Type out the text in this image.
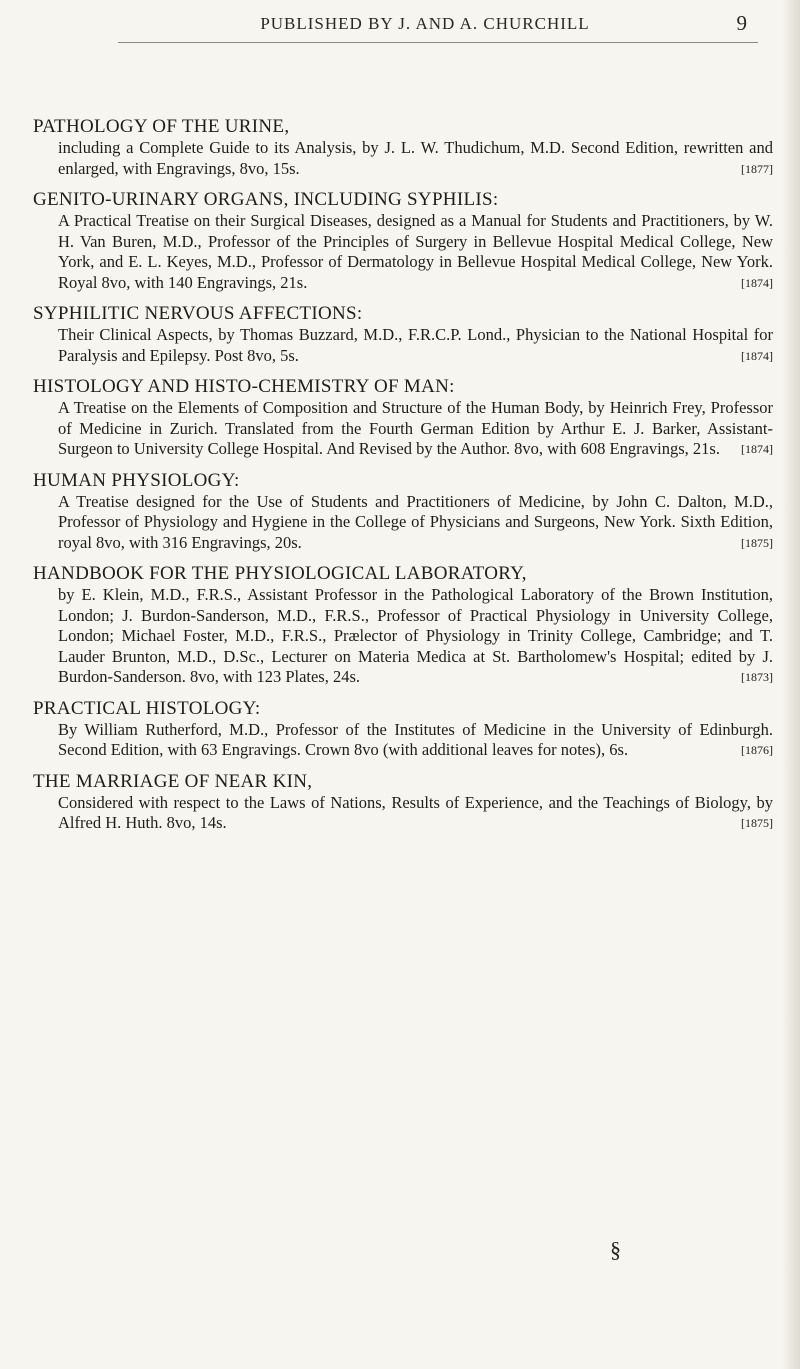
PUBLISHED BY J. AND A. CHURCHILL	9
PATHOLOGY OF THE URINE,
including a Complete Guide to its Analysis, by J. L. W. Thudichum, M.D. Second Edition, rewritten and enlarged, with Engravings, 8vo, 15s.	[1877]
GENITO-URINARY ORGANS, INCLUDING SYPHILIS:
A Practical Treatise on their Surgical Diseases, designed as a Manual for Students and Practitioners, by W. H. Van Buren, M.D., Professor of the Principles of Surgery in Bellevue Hospital Medical College, New York, and E. L. Keyes, M.D., Professor of Dermatology in Bellevue Hospital Medical College, New York. Royal 8vo, with 140 Engravings, 21s.	[1874]
SYPHILITIC NERVOUS AFFECTIONS:
Their Clinical Aspects, by Thomas Buzzard, M.D., F.R.C.P. Lond., Physician to the National Hospital for Paralysis and Epilepsy. Post 8vo, 5s.	[1874]
HISTOLOGY AND HISTO-CHEMISTRY OF MAN:
A Treatise on the Elements of Composition and Structure of the Human Body, by Heinrich Frey, Professor of Medicine in Zurich. Translated from the Fourth German Edition by Arthur E. J. Barker, Assistant-Surgeon to University College Hospital. And Revised by the Author. 8vo, with 608 Engravings, 21s. [1874]
HUMAN PHYSIOLOGY:
A Treatise designed for the Use of Students and Practitioners of Medicine, by John C. Dalton, M.D., Professor of Physiology and Hygiene in the College of Physicians and Surgeons, New York. Sixth Edition, royal 8vo, with 316 Engravings, 20s.	[1875]
HANDBOOK FOR THE PHYSIOLOGICAL LABORATORY,
by E. Klein, M.D., F.R.S., Assistant Professor in the Pathological Laboratory of the Brown Institution, London; J. Burdon-Sanderson, M.D., F.R.S., Professor of Practical Physiology in University College, London; Michael Foster, M.D., F.R.S., Prælector of Physiology in Trinity College, Cambridge; and T. Lauder Brunton, M.D., D.Sc., Lecturer on Materia Medica at St. Bartholomew's Hospital; edited by J. Burdon-Sanderson. 8vo, with 123 Plates, 24s.	[1873]
PRACTICAL HISTOLOGY:
By William Rutherford, M.D., Professor of the Institutes of Medicine in the University of Edinburgh. Second Edition, with 63 Engravings. Crown 8vo (with additional leaves for notes), 6s.	[1876]
THE MARRIAGE OF NEAR KIN,
Considered with respect to the Laws of Nations, Results of Experience, and the Teachings of Biology, by Alfred H. Huth. 8vo, 14s.	[1875]
§
